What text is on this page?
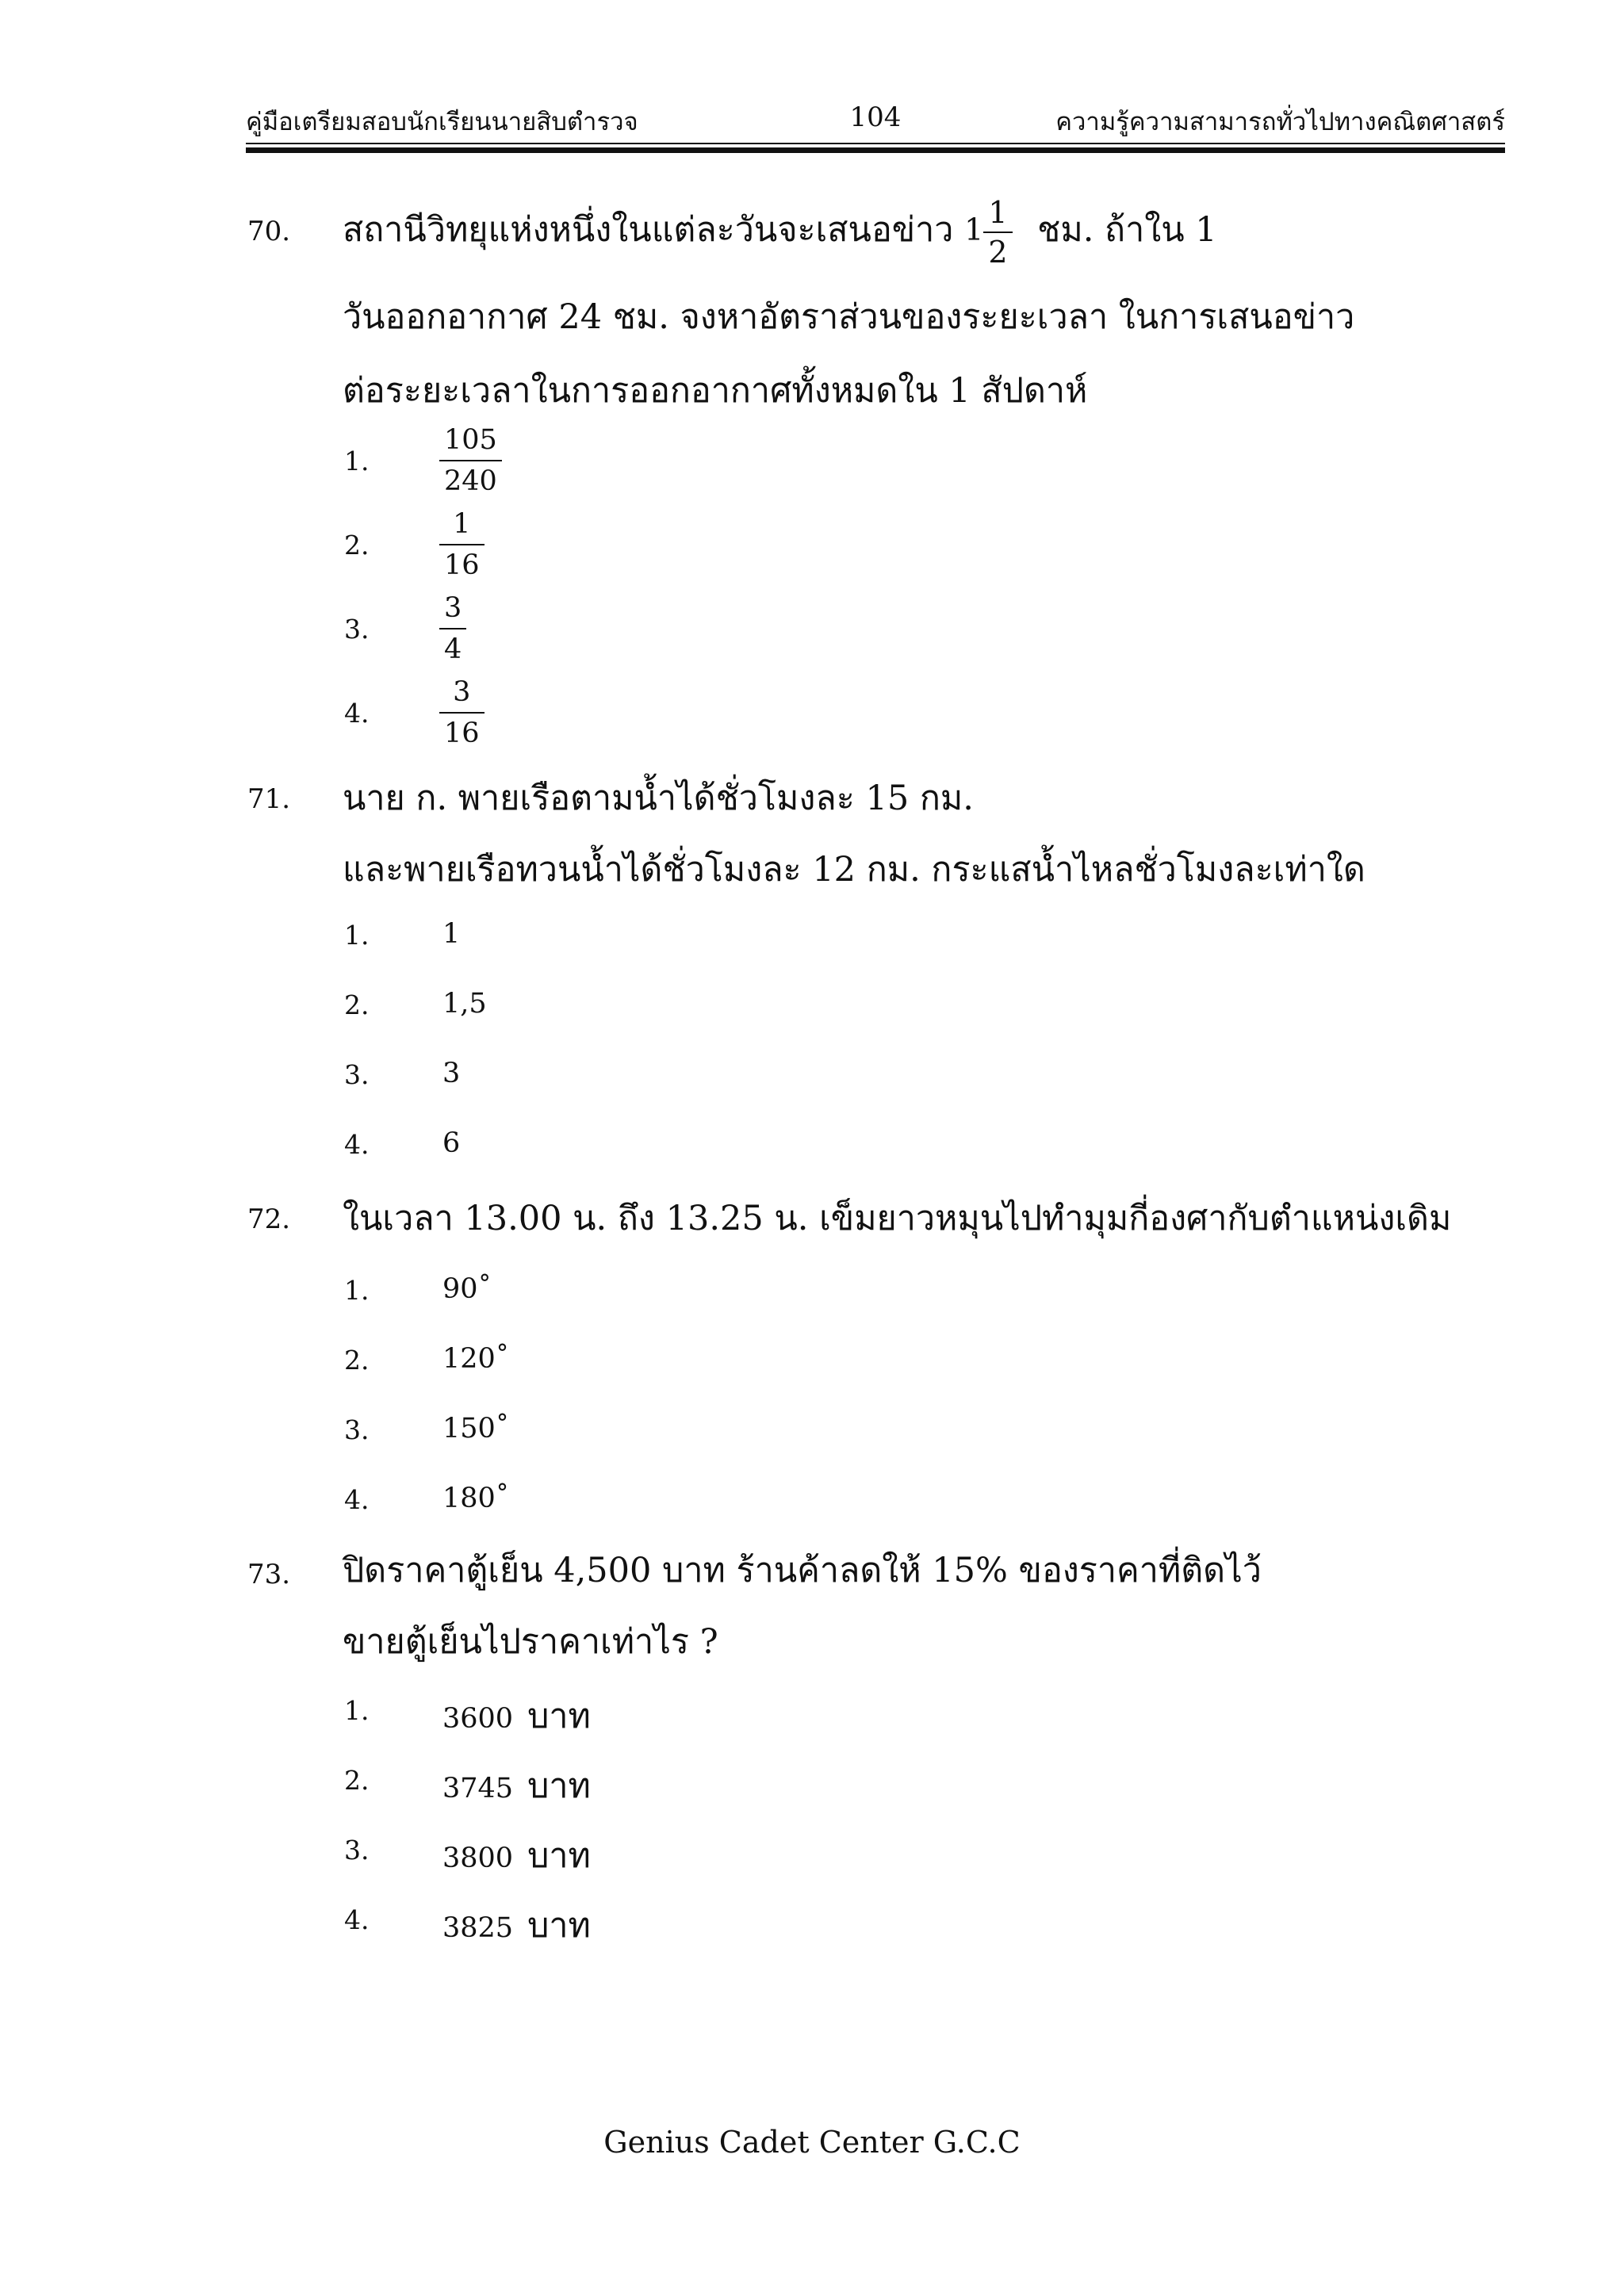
คู่มือเตรียมสอบนักเรียนนายสิบตำรวจ	104	ความรู้ความสามารถทั่วไปทางคณิตศาสตร์
70. สถานีวิทยุแห่งหนึ่งในแต่ละวันจะเสนอข่าว $1 \frac{1}{2}$ ชม. ถ้าใน 1
วันออกอากาศ 24 ชม. จงหาอัตราส่วนของระยะเวลา ในการเสนอข่าว
ต่อระยะเวลาในการออกอากาศทั้งหมดใน 1 สัปดาห์
1.	$\frac{105}{240}$
2.	$\frac{1}{16}$
3.	$\frac{3}{4}$
4.	$\frac{3}{16}$
71. นาย ก. พายเรือตามน้ำได้ชั่วโมงละ 15 กม.
และพายเรือทวนน้ำได้ชั่วโมงละ 12 กม. กระแสน้ำไหลชั่วโมงละเท่าใด
1.	1
2.	1,5
3.	3
4.	6
72. ในเวลา 13.00 น. ถึง 13.25 น. เข็มยาวหมุนไปทำมุมกี่องศากับตำแหน่งเดิม
1.	90˚
2.	120˚
3.	150˚
4.	180˚
73. ปิดราคาตู้เย็น 4,500 บาท ร้านค้าลดให้ 15% ของราคาที่ติดไว้
ขายตู้เย็นไปราคาเท่าไร ?
1.	3600 บาท
2.	3745 บาท
3.	3800 บาท
4.	3825 บาท
Genius Cadet Center G.C.C
